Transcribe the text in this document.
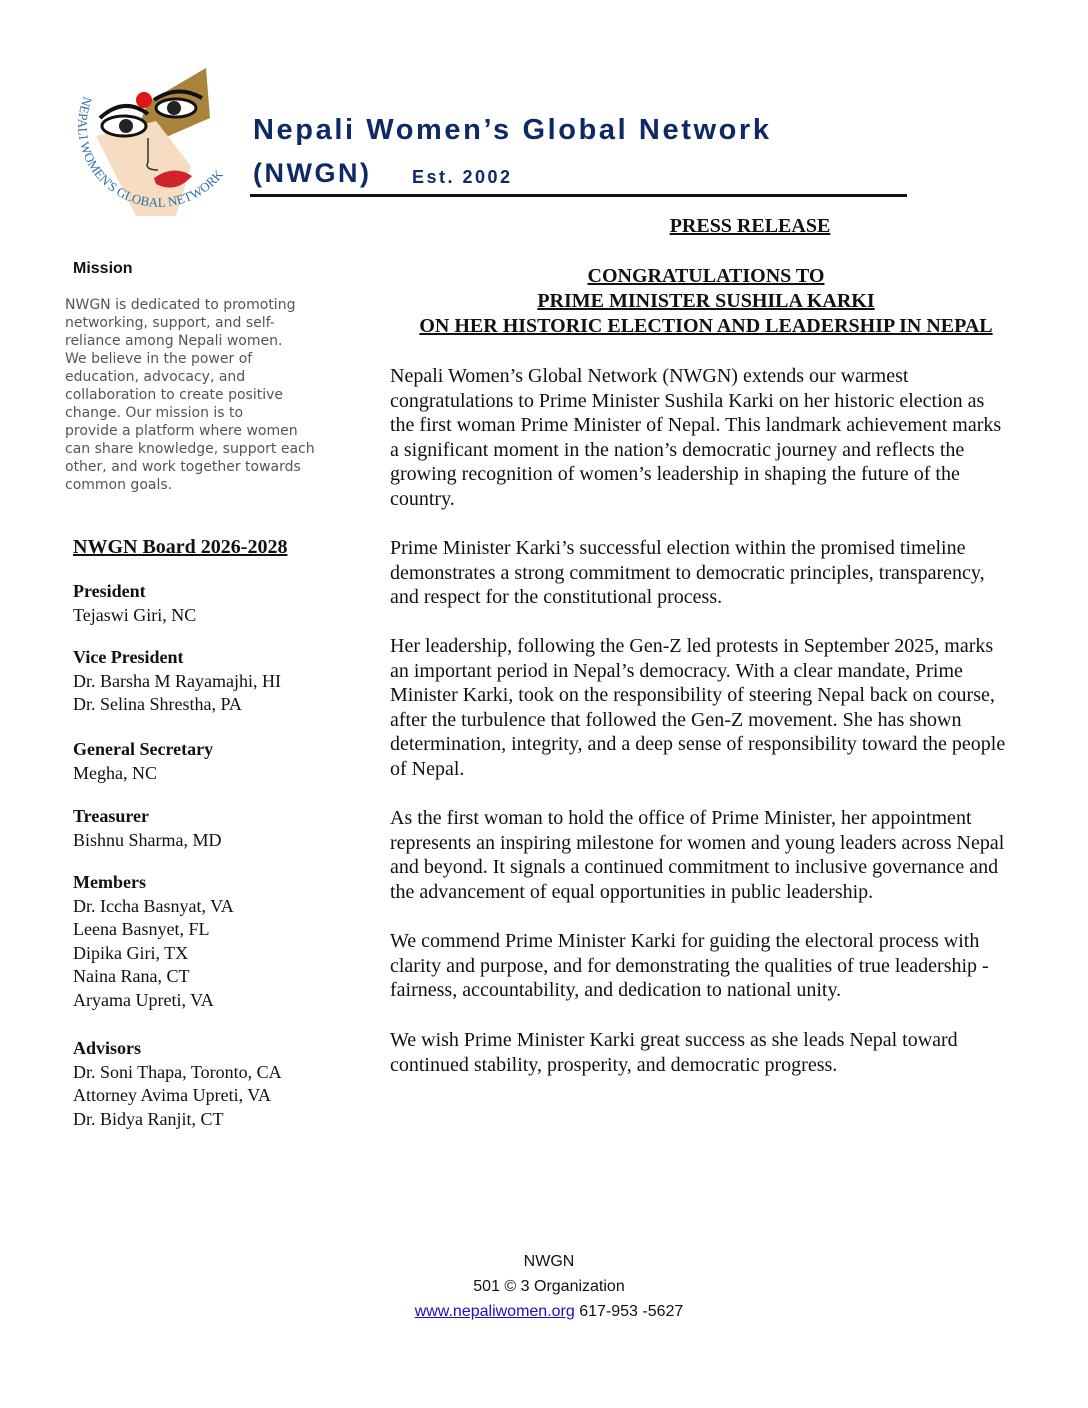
NEPALI WOMEN'S GLOBAL NETWORK
Nepali Women’s Global Network
(NWGN) Est. 2002
PRESS RELEASE
CONGRATULATIONS TO
PRIME MINISTER SUSHILA KARKI
ON HER HISTORIC ELECTION AND LEADERSHIP IN NEPAL
Nepali Women’s Global Network (NWGN) extends our warmest
congratulations to Prime Minister Sushila Karki on her historic election as
the first woman Prime Minister of Nepal. This landmark achievement marks
a significant moment in the nation’s democratic journey and reflects the
growing recognition of women’s leadership in shaping the future of the
country.
Prime Minister Karki’s successful election within the promised timeline
demonstrates a strong commitment to democratic principles, transparency,
and respect for the constitutional process.
Her leadership, following the Gen-Z led protests in September 2025, marks
an important period in Nepal’s democracy. With a clear mandate, Prime
Minister Karki, took on the responsibility of steering Nepal back on course,
after the turbulence that followed the Gen-Z movement. She has shown
determination, integrity, and a deep sense of responsibility toward the people
of Nepal.
As the first woman to hold the office of Prime Minister, her appointment
represents an inspiring milestone for women and young leaders across Nepal
and beyond. It signals a continued commitment to inclusive governance and
the advancement of equal opportunities in public leadership.
We commend Prime Minister Karki for guiding the electoral process with
clarity and purpose, and for demonstrating the qualities of true leadership -
fairness, accountability, and dedication to national unity.
We wish Prime Minister Karki great success as she leads Nepal toward
continued stability, prosperity, and democratic progress.
Mission
NWGN is dedicated to promoting
networking, support, and self-
reliance among Nepali women.
We believe in the power of
education, advocacy, and
collaboration to create positive
change. Our mission is to
provide a platform where women
can share knowledge, support each
other, and work together towards
common goals.
NWGN Board 2026-2028
President
Tejaswi Giri, NC
Vice President
Dr. Barsha M Rayamajhi, HI
Dr. Selina Shrestha, PA
General Secretary
Megha, NC
Treasurer
Bishnu Sharma, MD
Members
Dr. Iccha Basnyat, VA
Leena Basnyet, FL
Dipika Giri, TX
Naina Rana, CT
Aryama Upreti, VA
Advisors
Dr. Soni Thapa, Toronto, CA
Attorney Avima Upreti, VA
Dr. Bidya Ranjit, CT
NWGN
501 © 3 Organization
www.nepaliwomen.org 617-953 -5627
